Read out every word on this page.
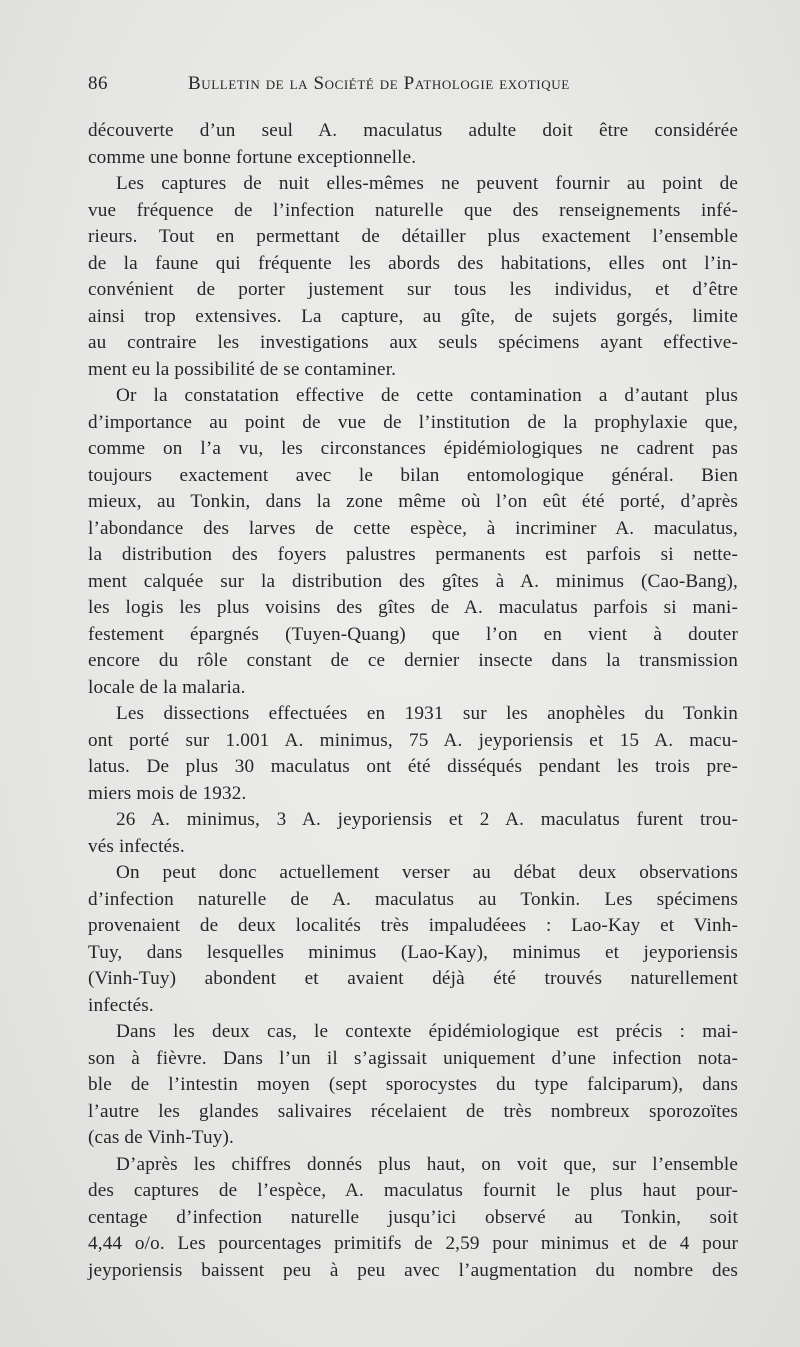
86	Bulletin de la Société de Pathologie exotique
découverte d’un seul A. maculatus adulte doit être considérée
comme une bonne fortune exceptionnelle.
Les captures de nuit elles-mêmes ne peuvent fournir au point de
vue fréquence de l’infection naturelle que des renseignements infé-
rieurs. Tout en permettant de détailler plus exactement l’ensemble
de la faune qui fréquente les abords des habitations, elles ont l’in-
convénient de porter justement sur tous les individus, et d’être
ainsi trop extensives. La capture, au gîte, de sujets gorgés, limite
au contraire les investigations aux seuls spécimens ayant effective-
ment eu la possibilité de se contaminer.
Or la constatation effective de cette contamination a d’autant plus
d’importance au point de vue de l’institution de la prophylaxie que,
comme on l’a vu, les circonstances épidémiologiques ne cadrent pas
toujours exactement avec le bilan entomologique général. Bien
mieux, au Tonkin, dans la zone même où l’on eût été porté, d’après
l’abondance des larves de cette espèce, à incriminer A. maculatus,
la distribution des foyers palustres permanents est parfois si nette-
ment calquée sur la distribution des gîtes à A. minimus (Cao-Bang),
les logis les plus voisins des gîtes de A. maculatus parfois si mani-
festement épargnés (Tuyen-Quang) que l’on en vient à douter
encore du rôle constant de ce dernier insecte dans la transmission
locale de la malaria.
Les dissections effectuées en 1931 sur les anophèles du Tonkin
ont porté sur 1.001 A. minimus, 75 A. jeyporiensis et 15 A. macu-
latus. De plus 30 maculatus ont été disséqués pendant les trois pre-
miers mois de 1932.
26 A. minimus, 3 A. jeyporiensis et 2 A. maculatus furent trou-
vés infectés.
On peut donc actuellement verser au débat deux observations
d’infection naturelle de A. maculatus au Tonkin. Les spécimens
provenaient de deux localités très impaludéees : Lao-Kay et Vinh-
Tuy, dans lesquelles minimus (Lao-Kay), minimus et jeyporiensis
(Vinh-Tuy) abondent et avaient déjà été trouvés naturellement
infectés.
Dans les deux cas, le contexte épidémiologique est précis : mai-
son à fièvre. Dans l’un il s’agissait uniquement d’une infection nota-
ble de l’intestin moyen (sept sporocystes du type falciparum), dans
l’autre les glandes salivaires récelaient de très nombreux sporozoïtes
(cas de Vinh-Tuy).
D’après les chiffres donnés plus haut, on voit que, sur l’ensemble
des captures de l’espèce, A. maculatus fournit le plus haut pour-
centage d’infection naturelle jusqu’ici observé au Tonkin, soit
4,44 o/o. Les pourcentages primitifs de 2,59 pour minimus et de 4 pour
jeyporiensis baissent peu à peu avec l’augmentation du nombre des
